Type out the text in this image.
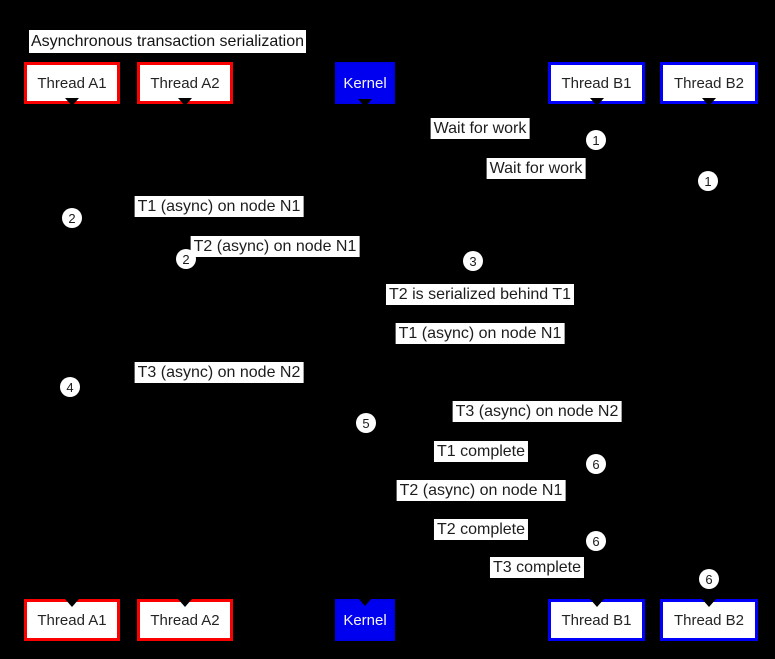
Asynchronous transaction serialization
Thread A1	Thread A2	Kernel	Thread B1	Thread B2
Wait for work
Wait for work
T1 (async) on node N1
T2 (async) on node N1
T2 is serialized behind T1
T1 (async) on node N1
T3 (async) on node N2
T3 (async) on node N2
T1 complete
T2 (async) on node N1
T2 complete
T3 complete
1
1
2
2	3
4
5
6
6
6
Thread A1	Thread A2	Kernel	Thread B1	Thread B2
